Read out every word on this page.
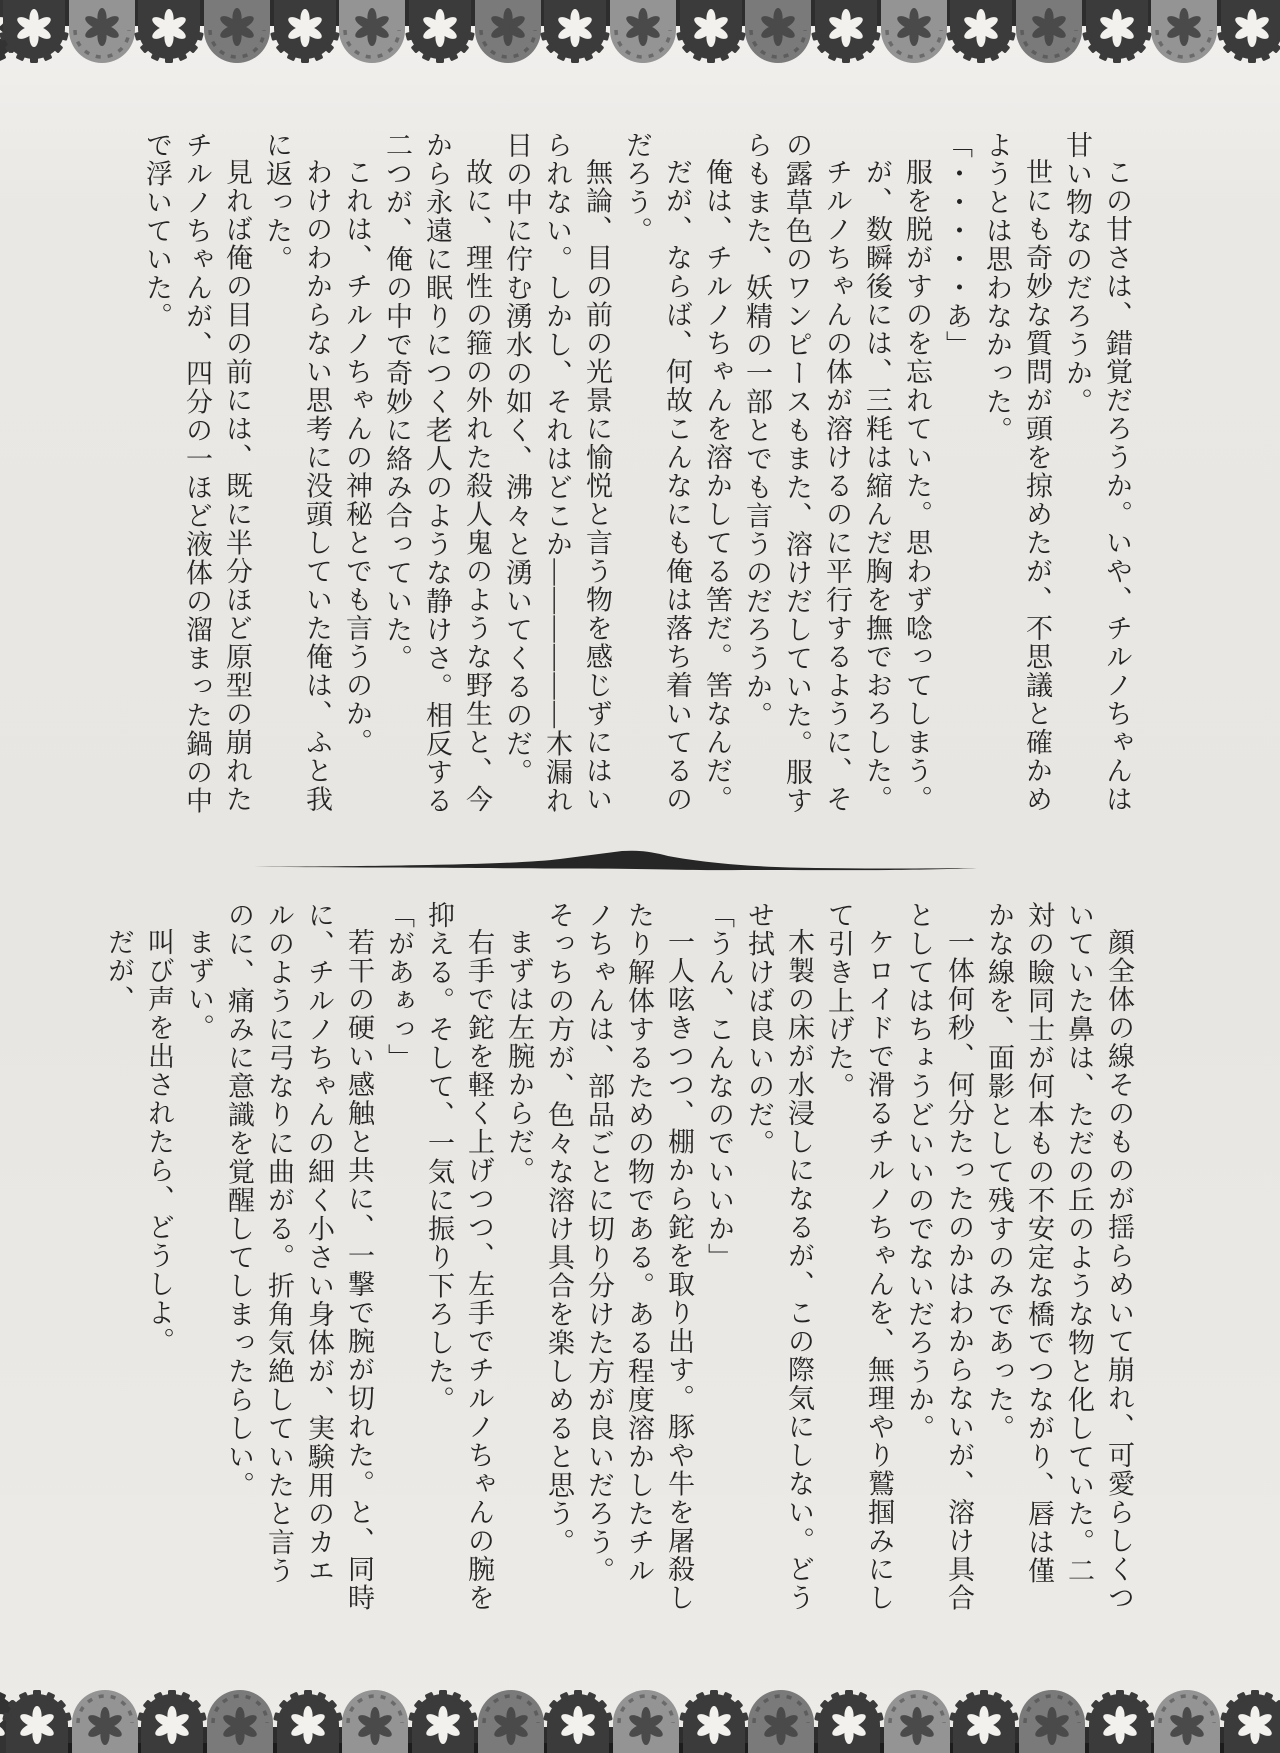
この甘さは、錯覚だろうか。いや、チルノちゃんは甘い物なのだろうか。

世にも奇妙な質問が頭を掠めたが、不思議と確かめようとは思わなかった。

「・・・・・あ」

服を脱がすのを忘れていた。思わず唸ってしまう。

が、数瞬後には、三粍は縮んだ胸を撫でおろした。

チルノちゃんの体が溶けるのに平行するように、その露草色のワンピースもまた、溶けだしていた。服すらもまた、妖精の一部とでも言うのだろうか。

俺は、チルノちゃんを溶かしてる筈だ。筈なんだ。

だが、ならば、何故こんなにも俺は落ち着いてるのだろう。

無論、目の前の光景に愉悦と言う物を感じずにはいられない。しかし、それはどこか――――――木漏れ日の中に佇む湧水の如く、沸々と湧いてくるのだ。

故に、理性の箍の外れた殺人鬼のような野生と、今から永遠に眠りにつく老人のような静けさ。相反する二つが、俺の中で奇妙に絡み合っていた。

これは、チルノちゃんの神秘とでも言うのか。

わけのわからない思考に没頭していた俺は、ふと我に返った。

見れば俺の目の前には、既に半分ほど原型の崩れたチルノちゃんが、四分の一ほど液体の溜まった鍋の中で浮いていた。

顔全体の線そのものが揺らめいて崩れ、可愛らしくついていた鼻は、ただの丘のような物と化していた。二対の瞼同士が何本もの不安定な橋でつながり、唇は僅かな線を、面影として残すのみであった。

一体何秒、何分たったのかはわからないが、溶け具合としてはちょうどいいのでないだろうか。

ケロイドで滑るチルノちゃんを、無理やり鷲掴みにして引き上げた。

木製の床が水浸しになるが、この際気にしない。どうせ拭けば良いのだ。

「うん、こんなのでいいか」

一人呟きつつ、棚から鉈を取り出す。豚や牛を屠殺したり解体するための物である。ある程度溶かしたチルノちゃんは、部品ごとに切り分けた方が良いだろう。そっちの方が、色々な溶け具合を楽しめると思う。

まずは左腕からだ。

右手で鉈を軽く上げつつ、左手でチルノちゃんの腕を抑える。そして、一気に振り下ろした。

「があぁっ」

若干の硬い感触と共に、一撃で腕が切れた。と、同時に、チルノちゃんの細く小さい身体が、実験用のカエルのように弓なりに曲がる。折角気絶していたと言うのに、痛みに意識を覚醒してしまったらしい。

まずい。

叫び声を出されたら、どうしよ。

だが、
